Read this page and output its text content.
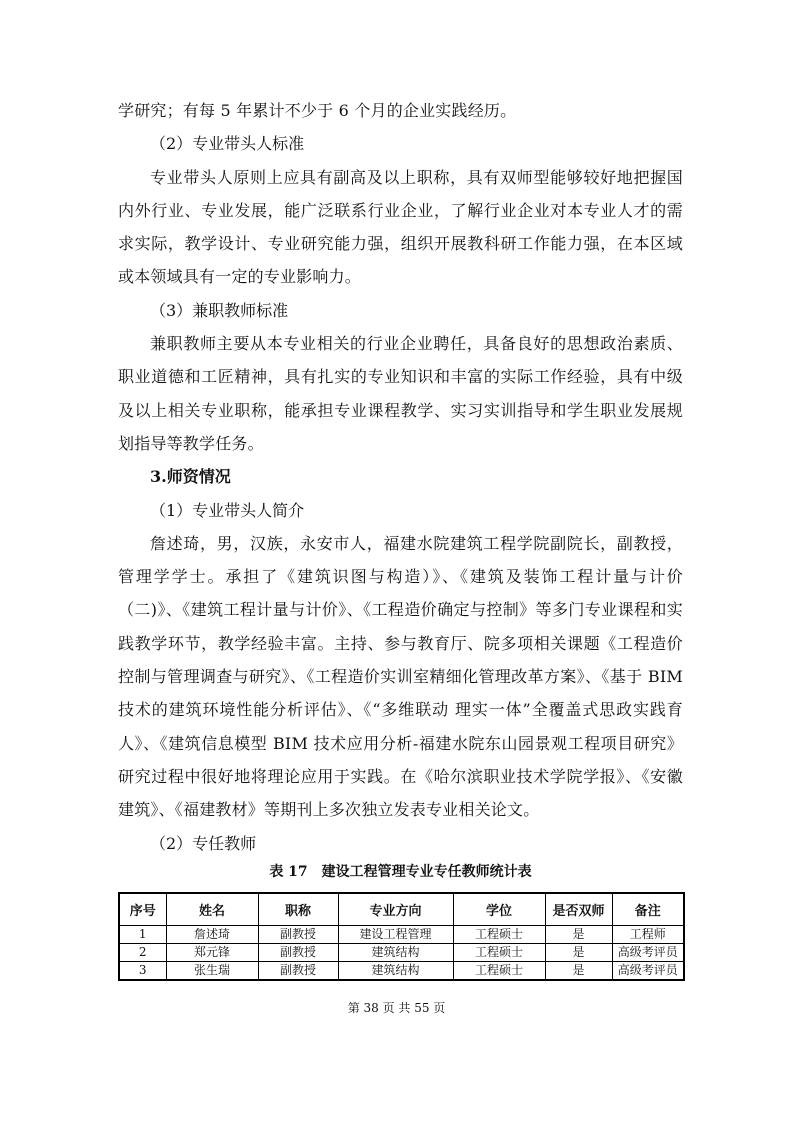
学研究；有每 5 年累计不少于 6 个月的企业实践经历。

（2）专业带头人标准

专业带头人原则上应具有副高及以上职称，具有双师型能够较好地把握国内外行业、专业发展，能广泛联系行业企业，了解行业企业对本专业人才的需求实际，教学设计、专业研究能力强，组织开展教科研工作能力强，在本区域或本领域具有一定的专业影响力。

（3）兼职教师标准

兼职教师主要从本专业相关的行业企业聘任，具备良好的思想政治素质、职业道德和工匠精神，具有扎实的专业知识和丰富的实际工作经验，具有中级及以上相关专业职称，能承担专业课程教学、实习实训指导和学生职业发展规划指导等教学任务。

3.师资情况

（1）专业带头人简介

詹述琦，男，汉族，永安市人，福建水院建筑工程学院副院长，副教授，管理学学士。承担了《建筑识图与构造）》、《建筑及装饰工程计量与计价（二)》、《建筑工程计量与计价》、《工程造价确定与控制》等多门专业课程和实践教学环节，教学经验丰富。主持、参与教育厅、院多项相关课题《工程造价控制与管理调查与研究》、《工程造价实训室精细化管理改革方案》、《基于 BIM 技术的建筑环境性能分析评估》、《“多维联动 理实一体”全覆盖式思政实践育人》、《建筑信息模型 BIM 技术应用分析-福建水院东山园景观工程项目研究》研究过程中很好地将理论应用于实践。在《哈尔滨职业技术学院学报》、《安徽建筑》、《福建教材》等期刊上多次独立发表专业相关论文。

（2）专任教师

表 17　建设工程管理专业专任教师统计表

序号	姓名	职称	专业方向	学位	是否双师	备注
1	詹述琦	副教授	建设工程管理	工程硕士	是	工程师
2	郑元锋	副教授	建筑结构	工程硕士	是	高级考评员
3	张生瑞	副教授	建筑结构	工程硕士	是	高级考评员
第 38 页 共 55 页
